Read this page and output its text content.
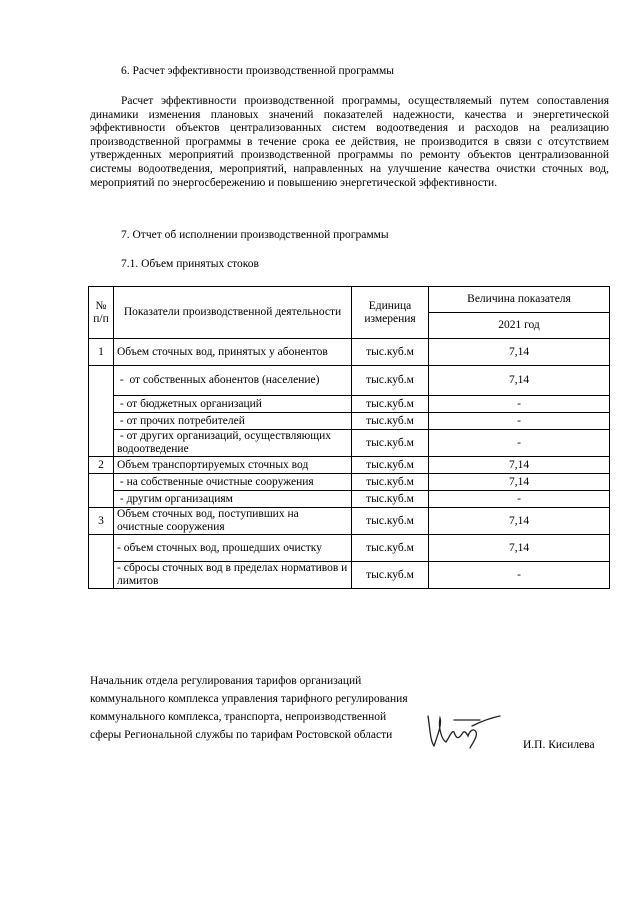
6. Расчет эффективности производственной программы
Расчет эффективности производственной программы, осуществляемый путем сопоставления динамики изменения плановых значений показателей надежности, качества и энергетической эффективности объектов централизованных систем водоотведения и расходов на реализацию производственной программы в течение срока ее действия, не производится в связи с отсутствием утвержденных мероприятий производственной программы по ремонту объектов централизованной системы водоотведения, мероприятий, направленных на улучшение качества очистки сточных вод, мероприятий по энергосбережению и повышению энергетической эффективности.
7. Отчет об исполнении производственной программы
7.1. Объем принятых стоков
№ п/п	Показатели производственной деятельности	Единица измерения	Величина показателя
			2021 год
1	Объем сточных вод, принятых у абонентов	тыс.куб.м	7,14
	-  от собственных абонентов (население)	тыс.куб.м	7,14
	- от бюджетных организаций	тыс.куб.м	-
	- от прочих потребителей	тыс.куб.м	-
	- от других организаций, осуществляющих водоотведение	тыс.куб.м	-
2	Объем транспортируемых сточных вод	тыс.куб.м	7,14
	- на собственные очистные сооружения	тыс.куб.м	7,14
	- другим организациям	тыс.куб.м	-
3	Объем сточных вод, поступивших на очистные сооружения	тыс.куб.м	7,14
	- объем сточных вод, прошедших очистку	тыс.куб.м	7,14
	- сбросы сточных вод в пределах нормативов и лимитов	тыс.куб.м	-
Начальник отдела регулирования тарифов организаций коммунального комплекса управления тарифного регулирования коммунального комплекса, транспорта, непроизводственной сферы Региональной службы по тарифам Ростовской области
И.П. Кисилева
